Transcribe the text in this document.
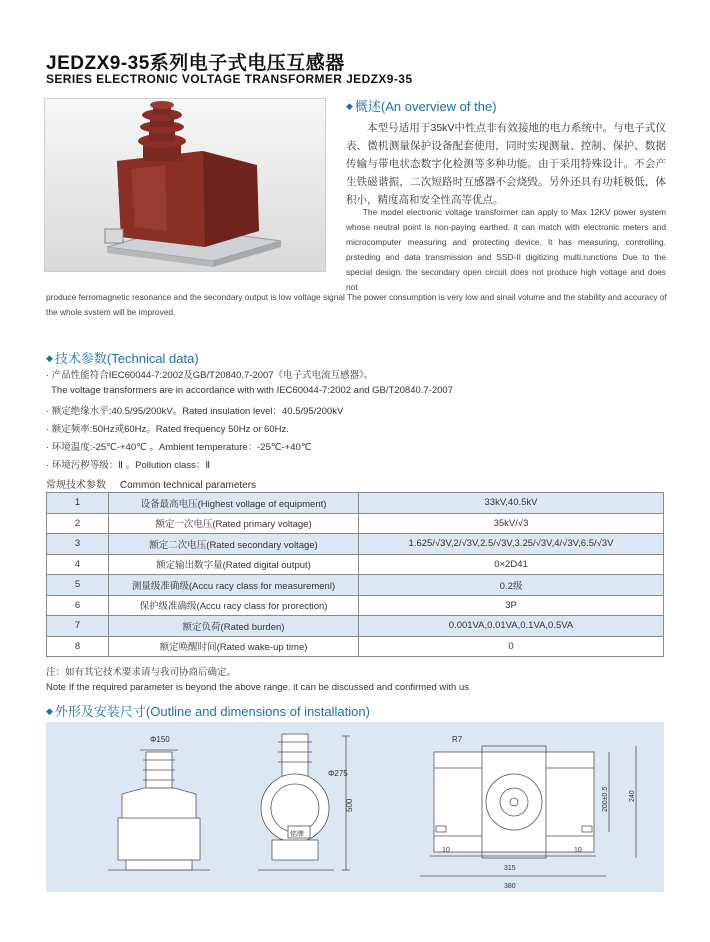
JEDZX9-35系列电子式电压互感器
SERIES ELECTRONIC VOLTAGE TRANSFORMER JEDZX9-35
◆ 概述(An overview of the)
本型号适用于35kV中性点非有效接地的电力系统中。与电子式仪表、微机测量保护设备配套使用，同时实现测量、控制、保护、数据传输与带电状态数字化检测等多种功能。由于采用特殊设计。不会产生铁磁谐振，二次短路时互感器不会烧毁。另外还具有功耗极低，体积小，精度高和安全性高等优点。
The model electronic voltage transformer can apply to Max 12KV power system whose neutral point is non-paying earthed. it can match with electronic meters and microcomputer measuring and protecting device. It has measuring, controlling. prsteding and data transmission and SSD-II digitizing multi.runctions Due to the special design. the secondary open circuit does not produce high voltage and does not
produce ferromagnetic resonance and the secondary output is low voltage signal The power consumption is very low and sinail volume and the stability and accuracy of the whole svstem will be improved.
◆ 技术参数(Technical data)
· 产品性能符合IEC60044-7:2002及GB/T20840.7-2007《电子式电流互感器》。
The voltage transformers are in accordance with with IEC60044-7:2002 and GB/T20840.7-2007
· 额定绝缘水平:40.5/95/200kV。Rated insulation level：40.5/95/200kV
· 额定频率:50Hz或60Hz。Rated frequency 50Hz or 60Hz.
· 环境温度:-25℃-+40℃ 。Ambient temperature：-25℃-+40℃
· 环境污秽等级：Ⅱ 。Pollution class：Ⅱ
常规技术参数     Common technical parameters
1	设备最高电压(Highest vollage of equipment)	33kV,40.5kV
2	额定一次电压(Rated primary voltage)	35kV/√3
3	额定二次电压(Rated secondary voltage)	1.625/√3V,2/√3V,2.5/√3V,3.25/√3V,4/√3V,6.5/√3V
4	额定输出数字量(Rated digital output)	0×2D41
5	测量级准确级(Accu racy class for measuremenl)	0.2级
6	保护级准确级(Accu racy class for prorection)	3P
7	额定负荷(Rated burden)	0.001VA,0.01VA,0.1VA,0.5VA
8	额定唤醒时间(Rated wake-up time)	0
注：如有其它技术要求请与我司协商后确定。
Note If the required parameter is beyond the above range. it can be discussed and confirmed with us
◆ 外形及安装尺寸(Outline and dimensions of installation)
Φ150
Φ275
500
铭牌
R7
200±0.5	240
10	10
315
380
